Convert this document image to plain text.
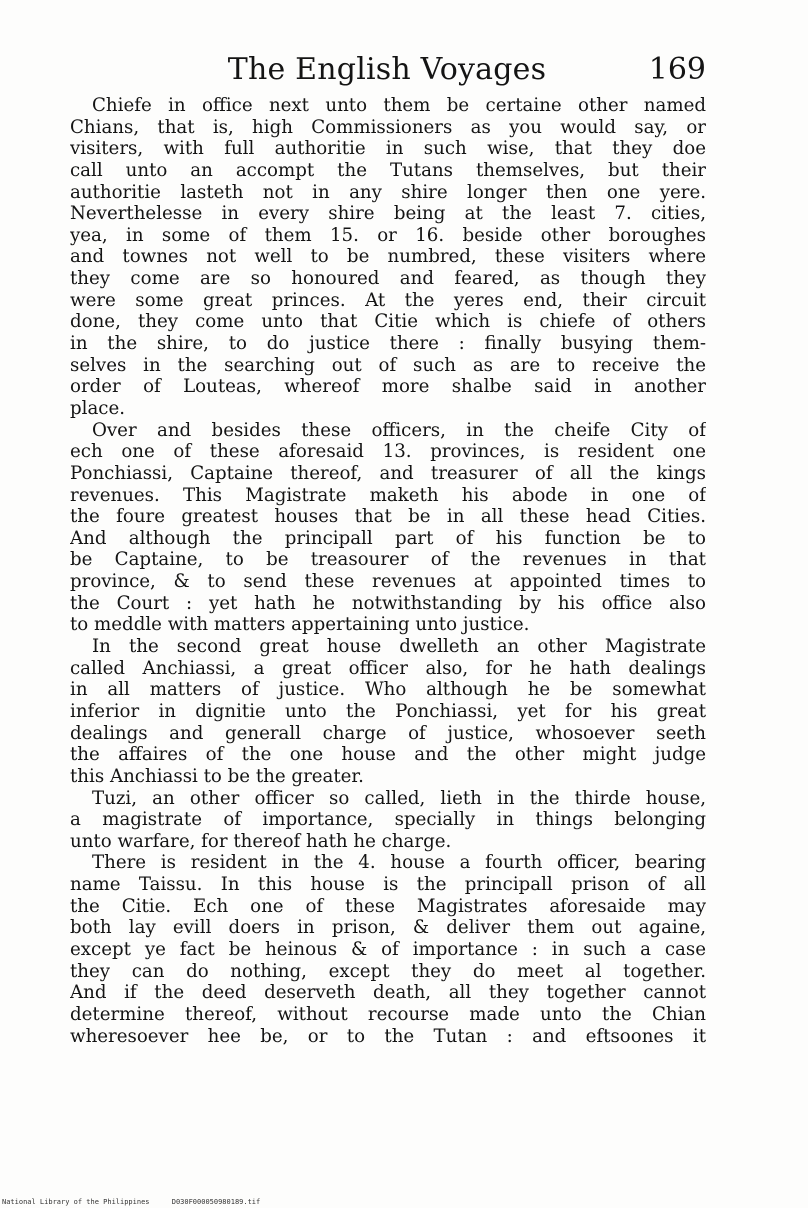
The English Voyages	169
Chiefe in office next unto them be certaine other named
Chians, that is, high Commissioners as you would say, or
visiters, with full authoritie in such wise, that they doe
call unto an accompt the Tutans themselves, but their
authoritie lasteth not in any shire longer then one yere.
Neverthelesse in every shire being at the least 7. cities,
yea, in some of them 15. or 16. beside other boroughes
and townes not well to be numbred, these visiters where
they come are so honoured and feared, as though they
were some great princes. At the yeres end, their circuit
done, they come unto that Citie which is chiefe of others
in the shire, to do justice there : finally busying them-
selves in the searching out of such as are to receive the
order of Louteas, whereof more shalbe said in another
place.
Over and besides these officers, in the cheife City of
ech one of these aforesaid 13. provinces, is resident one
Ponchiassi, Captaine thereof, and treasurer of all the kings
revenues. This Magistrate maketh his abode in one of
the foure greatest houses that be in all these head Cities.
And although the principall part of his function be to
be Captaine, to be treasourer of the revenues in that
province, & to send these revenues at appointed times to
the Court : yet hath he notwithstanding by his office also
to meddle with matters appertaining unto justice.
In the second great house dwelleth an other Magistrate
called Anchiassi, a great officer also, for he hath dealings
in all matters of justice. Who although he be somewhat
inferior in dignitie unto the Ponchiassi, yet for his great
dealings and generall charge of justice, whosoever seeth
the affaires of the one house and the other might judge
this Anchiassi to be the greater.
Tuzi, an other officer so called, lieth in the thirde house,
a magistrate of importance, specially in things belonging
unto warfare, for thereof hath he charge.
There is resident in the 4. house a fourth officer, bearing
name Taissu. In this house is the principall prison of all
the Citie. Ech one of these Magistrates aforesaide may
both lay evill doers in prison, & deliver them out againe,
except ye fact be heinous & of importance : in such a case
they can do nothing, except they do meet al together.
And if the deed deserveth death, all they together cannot
determine thereof, without recourse made unto the Chian
wheresoever hee be, or to the Tutan : and eftsoones it
National Library of the Philippines	D030F000050980189.tif
